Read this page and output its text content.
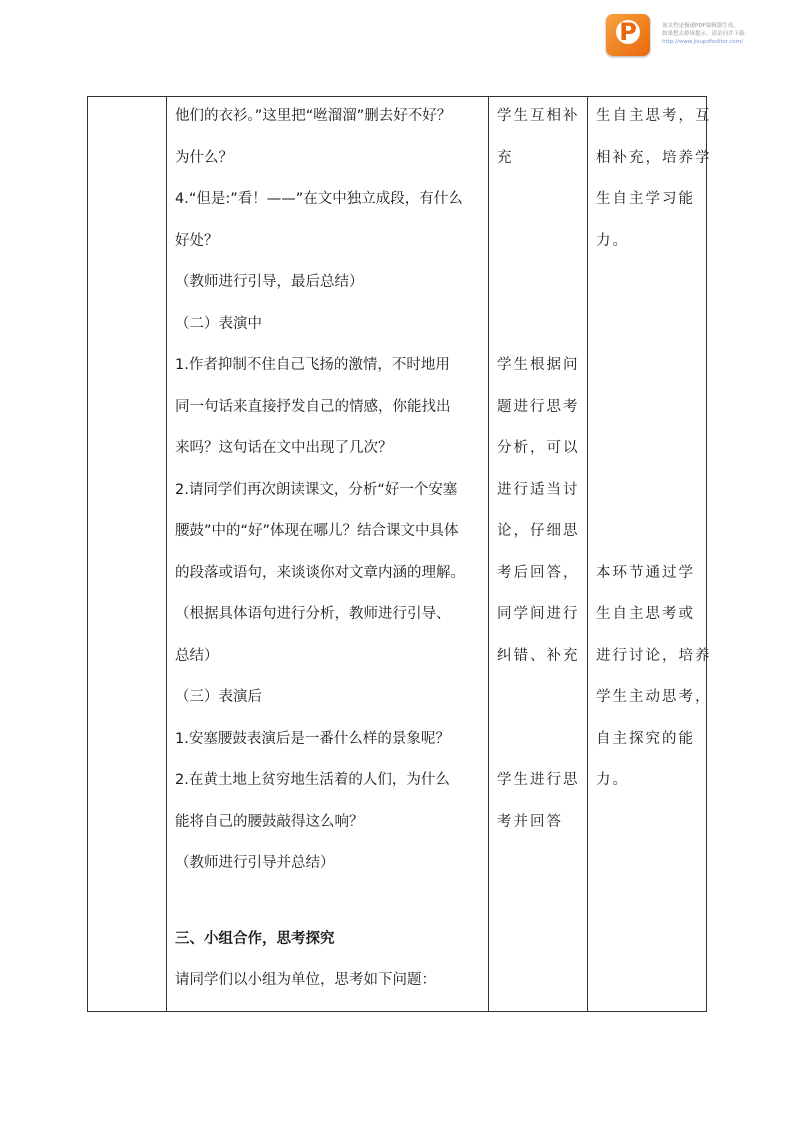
P	该文档是极速PDF编辑器生成，
如果想去掉该提示，请访问并下载：
http://www.jisupdfeditor.com/
他们的衣衫。”这里把“咝溜溜”删去好不好？
为什么？
4.“但是:”看！——”在文中独立成段，有什么
好处？
（教师进行引导，最后总结）
（二）表演中
1.作者抑制不住自己飞扬的激情，不时地用
同一句话来直接抒发自己的情感，你能找出
来吗？这句话在文中出现了几次？
2.请同学们再次朗读课文，分析“好一个安塞
腰鼓”中的“好”体现在哪儿？结合课文中具体
的段落或语句，来谈谈你对文章内涵的理解。
（根据具体语句进行分析，教师进行引导、
总结）
（三）表演后
1.安塞腰鼓表演后是一番什么样的景象呢？
2.在黄土地上贫穷地生活着的人们，为什么
能将自己的腰鼓敲得这么响？
（教师进行引导并总结）
三、小组合作，思考探究
请同学们以小组为单位，思考如下问题：
学生互相补
充
学生根据问
题进行思考
分析，可以
进行适当讨
论，仔细思
考后回答，
同学间进行
纠错、补充
学生进行思
考并回答
生自主思考，互
相补充，培养学
生自主学习能
力。
本环节通过学
生自主思考或
进行讨论，培养
学生主动思考，
自主探究的能
力。
